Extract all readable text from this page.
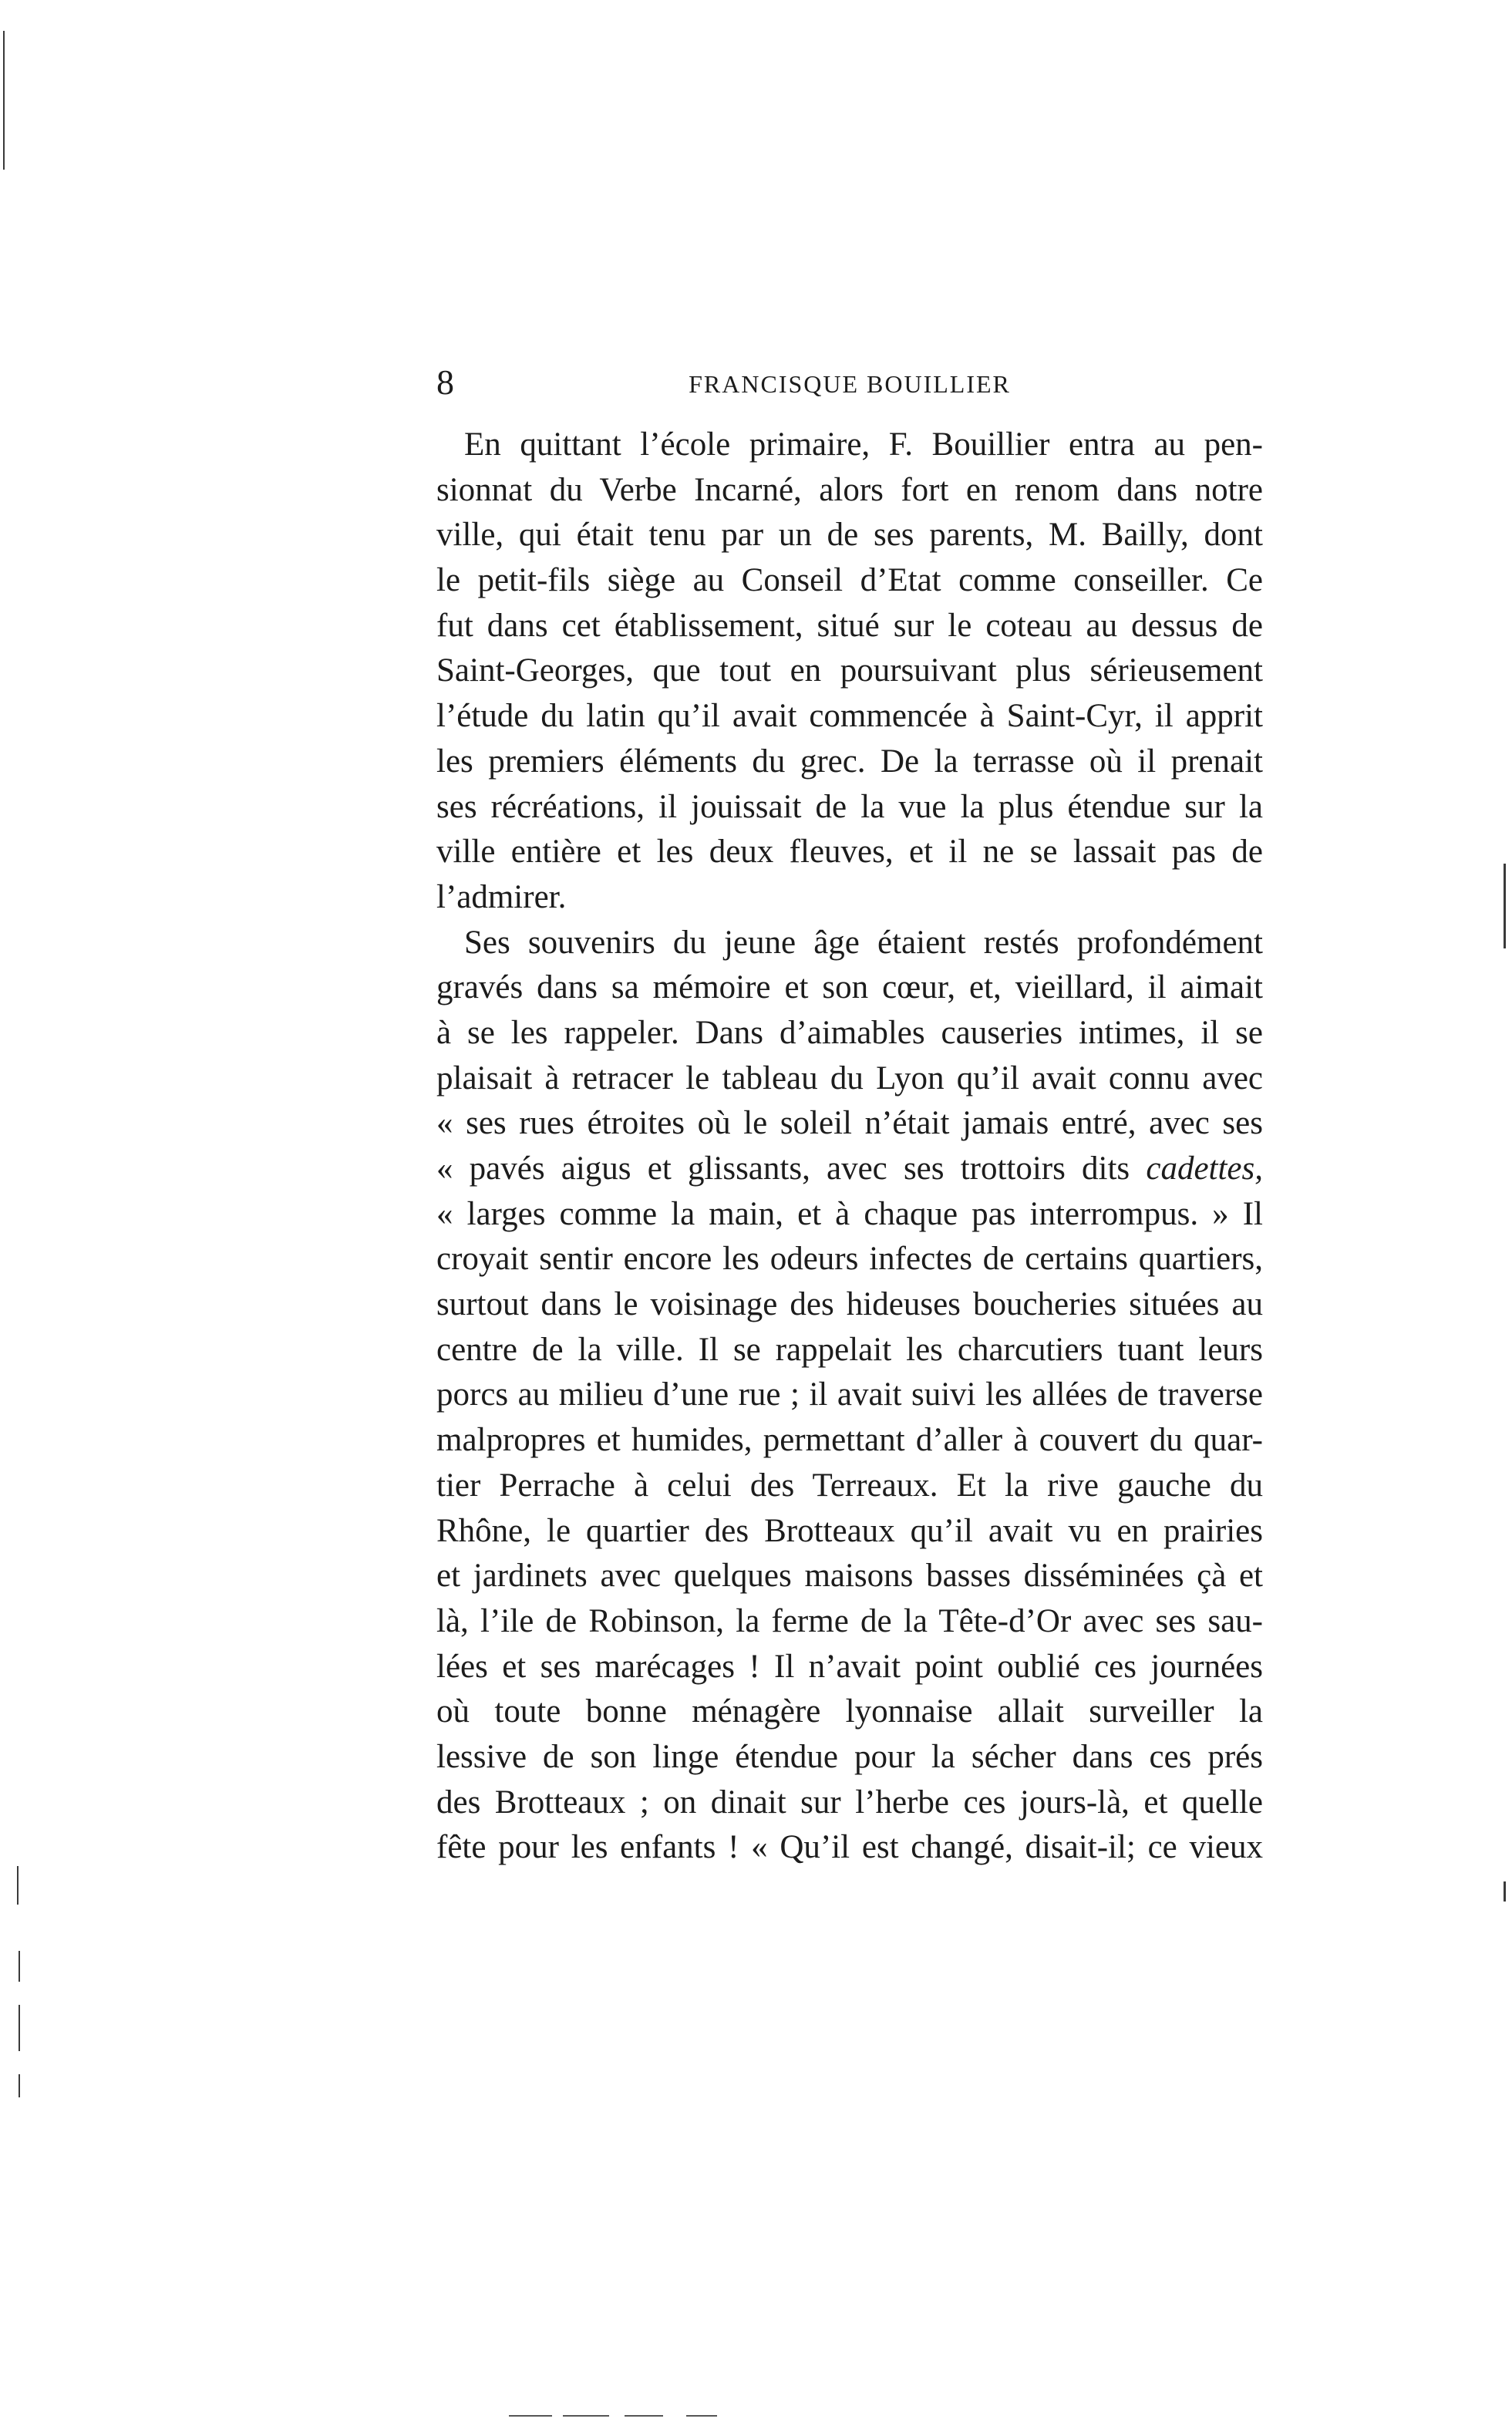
8	FRANCISQUE BOUILLIER
En quittant l’école primaire, F. Bouillier entra au pen-
sionnat du Verbe Incarné, alors fort en renom dans notre
ville, qui était tenu par un de ses parents, M. Bailly, dont
le petit-fils siège au Conseil d’Etat comme conseiller. Ce
fut dans cet établissement, situé sur le coteau au dessus de
Saint-Georges, que tout en poursuivant plus sérieusement
l’étude du latin qu’il avait commencée à Saint-Cyr, il apprit
les premiers éléments du grec. De la terrasse où il prenait
ses récréations, il jouissait de la vue la plus étendue sur la
ville entière et les deux fleuves, et il ne se lassait pas de
l’admirer.
Ses souvenirs du jeune âge étaient restés profondément
gravés dans sa mémoire et son cœur, et, vieillard, il aimait
à se les rappeler. Dans d’aimables causeries intimes, il se
plaisait à retracer le tableau du Lyon qu’il avait connu avec
« ses rues étroites où le soleil n’était jamais entré, avec ses
« pavés aigus et glissants, avec ses trottoirs dits cadettes,
« larges comme la main, et à chaque pas interrompus. » Il
croyait sentir encore les odeurs infectes de certains quartiers,
surtout dans le voisinage des hideuses boucheries situées au
centre de la ville. Il se rappelait les charcutiers tuant leurs
porcs au milieu d’une rue ; il avait suivi les allées de traverse
malpropres et humides, permettant d’aller à couvert du quar-
tier Perrache à celui des Terreaux. Et la rive gauche du
Rhône, le quartier des Brotteaux qu’il avait vu en prairies
et jardinets avec quelques maisons basses disséminées çà et
là, l’ile de Robinson, la ferme de la Tête-d’Or avec ses sau-
lées et ses marécages ! Il n’avait point oublié ces journées
où toute bonne ménagère lyonnaise allait surveiller la
lessive de son linge étendue pour la sécher dans ces prés
des Brotteaux ; on dinait sur l’herbe ces jours-là, et quelle
fête pour les enfants ! « Qu’il est changé, disait-il; ce vieux
